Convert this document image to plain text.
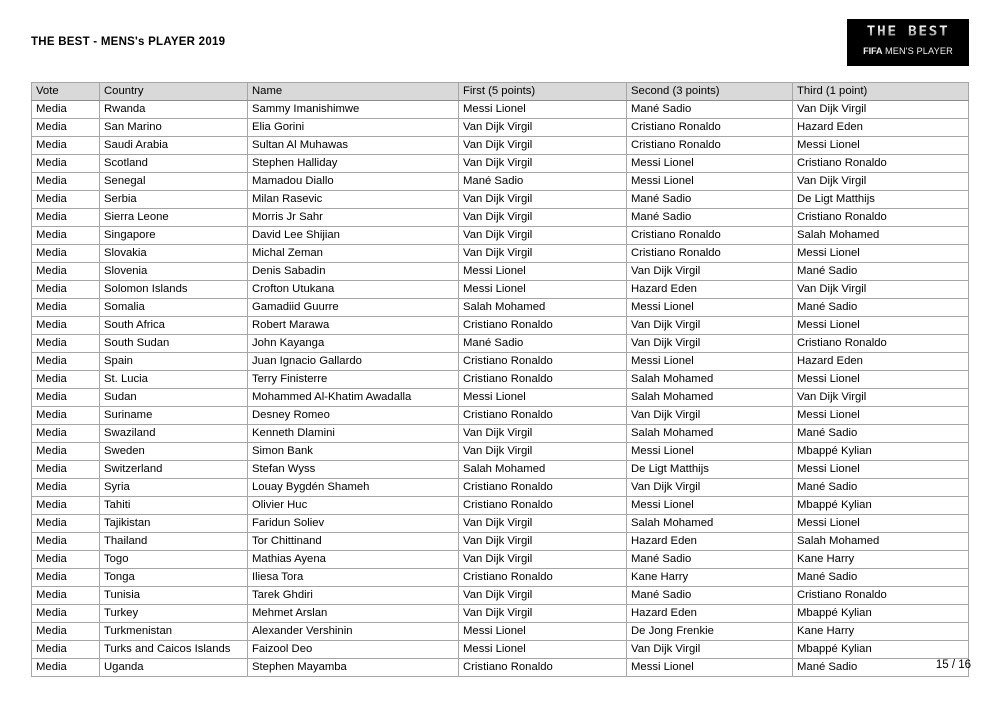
THE BEST - MENS's PLAYER 2019
THE BEST
FIFA MEN'S PLAYER
Vote	Country	Name	First (5 points)	Second (3 points)	Third (1 point)
Media	Rwanda	Sammy Imanishimwe	Messi Lionel	Mané Sadio	Van Dijk Virgil
Media	San Marino	Elia Gorini	Van Dijk Virgil	Cristiano Ronaldo	Hazard Eden
Media	Saudi Arabia	Sultan Al Muhawas	Van Dijk Virgil	Cristiano Ronaldo	Messi Lionel
Media	Scotland	Stephen Halliday	Van Dijk Virgil	Messi Lionel	Cristiano Ronaldo
Media	Senegal	Mamadou Diallo	Mané Sadio	Messi Lionel	Van Dijk Virgil
Media	Serbia	Milan Rasevic	Van Dijk Virgil	Mané Sadio	De Ligt Matthijs
Media	Sierra Leone	Morris Jr Sahr	Van Dijk Virgil	Mané Sadio	Cristiano Ronaldo
Media	Singapore	David Lee Shijian	Van Dijk Virgil	Cristiano Ronaldo	Salah Mohamed
Media	Slovakia	Michal Zeman	Van Dijk Virgil	Cristiano Ronaldo	Messi Lionel
Media	Slovenia	Denis Sabadin	Messi Lionel	Van Dijk Virgil	Mané Sadio
Media	Solomon Islands	Crofton Utukana	Messi Lionel	Hazard Eden	Van Dijk Virgil
Media	Somalia	Gamadiid Guurre	Salah Mohamed	Messi Lionel	Mané Sadio
Media	South Africa	Robert Marawa	Cristiano Ronaldo	Van Dijk Virgil	Messi Lionel
Media	South Sudan	John Kayanga	Mané Sadio	Van Dijk Virgil	Cristiano Ronaldo
Media	Spain	Juan Ignacio Gallardo	Cristiano Ronaldo	Messi Lionel	Hazard Eden
Media	St. Lucia	Terry Finisterre	Cristiano Ronaldo	Salah Mohamed	Messi Lionel
Media	Sudan	Mohammed Al-Khatim Awadalla	Messi Lionel	Salah Mohamed	Van Dijk Virgil
Media	Suriname	Desney Romeo	Cristiano Ronaldo	Van Dijk Virgil	Messi Lionel
Media	Swaziland	Kenneth Dlamini	Van Dijk Virgil	Salah Mohamed	Mané Sadio
Media	Sweden	Simon Bank	Van Dijk Virgil	Messi Lionel	Mbappé Kylian
Media	Switzerland	Stefan Wyss	Salah Mohamed	De Ligt Matthijs	Messi Lionel
Media	Syria	Louay Bygdén Shameh	Cristiano Ronaldo	Van Dijk Virgil	Mané Sadio
Media	Tahiti	Olivier Huc	Cristiano Ronaldo	Messi Lionel	Mbappé Kylian
Media	Tajikistan	Faridun Soliev	Van Dijk Virgil	Salah Mohamed	Messi Lionel
Media	Thailand	Tor Chittinand	Van Dijk Virgil	Hazard Eden	Salah Mohamed
Media	Togo	Mathias Ayena	Van Dijk Virgil	Mané Sadio	Kane Harry
Media	Tonga	Iliesa Tora	Cristiano Ronaldo	Kane Harry	Mané Sadio
Media	Tunisia	Tarek Ghdiri	Van Dijk Virgil	Mané Sadio	Cristiano Ronaldo
Media	Turkey	Mehmet Arslan	Van Dijk Virgil	Hazard Eden	Mbappé Kylian
Media	Turkmenistan	Alexander Vershinin	Messi Lionel	De Jong Frenkie	Kane Harry
Media	Turks and Caicos Islands	Faizool Deo	Messi Lionel	Van Dijk Virgil	Mbappé Kylian
Media	Uganda	Stephen Mayamba	Cristiano Ronaldo	Messi Lionel	Mané Sadio	15 / 16
